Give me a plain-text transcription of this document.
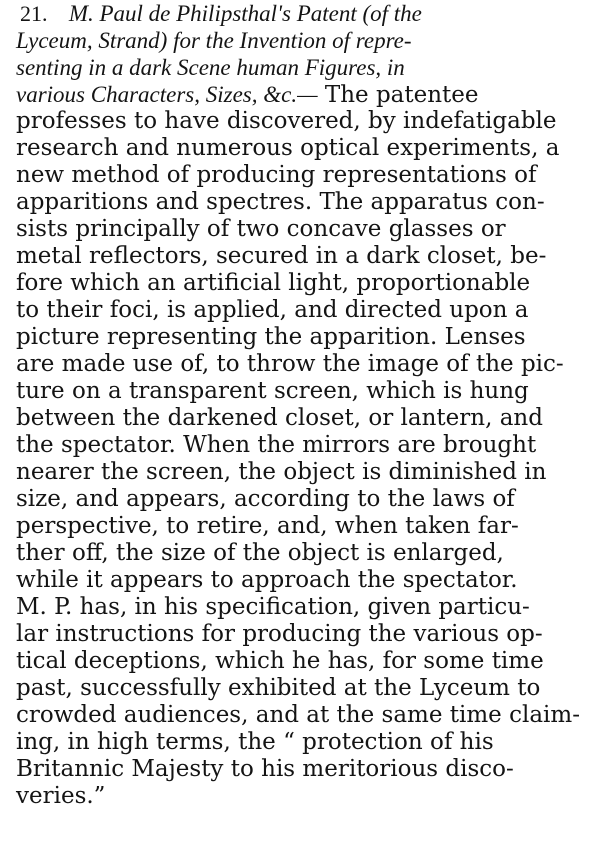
21. M. Paul de Philipsthal's Patent (of the
Lyceum, Strand) for the Invention of repre-
senting in a dark Scene human Figures, in
various Characters, Sizes, &c.— The patentee
professes to have discovered, by indefatigable
research and numerous optical experiments, a
new method of producing representations of
apparitions and spectres. The apparatus con-
sists principally of two concave glasses or
metal reflectors, secured in a dark closet, be-
fore which an artificial light, proportionable
to their foci, is applied, and directed upon a
picture representing the apparition. Lenses
are made use of, to throw the image of the pic-
ture on a transparent screen, which is hung
between the darkened closet, or lantern, and
the spectator. When the mirrors are brought
nearer the screen, the object is diminished in
size, and appears, according to the laws of
perspective, to retire, and, when taken far-
ther off, the size of the object is enlarged,
while it appears to approach the spectator.
M. P. has, in his specification, given particu-
lar instructions for producing the various op-
tical deceptions, which he has, for some time
past, successfully exhibited at the Lyceum to
crowded audiences, and at the same time claim-
ing, in high terms, the “ protection of his
Britannic Majesty to his meritorious disco-
veries.”
